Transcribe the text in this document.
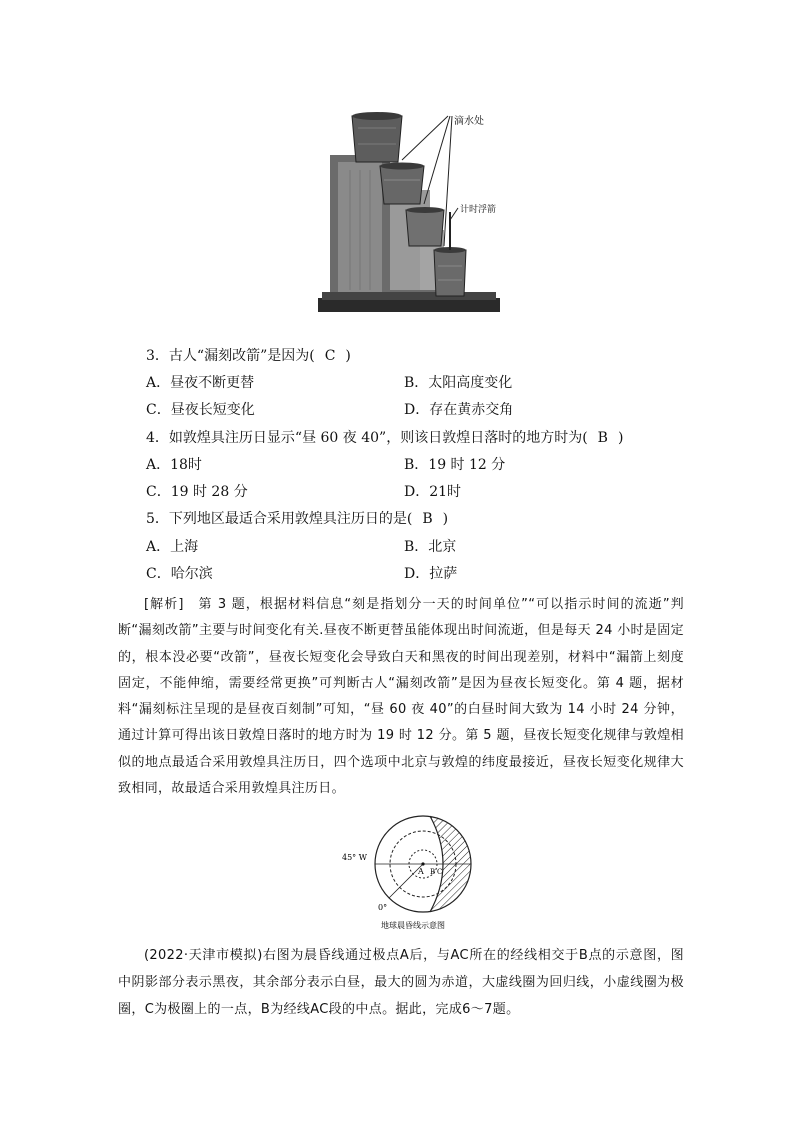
滴水处
计时浮箭
3．古人“漏刻改箭”是因为( C )
A．昼夜不断更替	B．太阳高度变化
C．昼夜长短变化	D．存在黄赤交角
4．如敦煌具注历日显示“昼 60 夜 40”，则该日敦煌日落时的地方时为( B )
A．18时	B．19 时 12 分
C．19 时 28 分	D．21时
5．下列地区最适合采用敦煌具注历日的是( B )
A．上海	B．北京
C．哈尔滨	D．拉萨
[解析]　第 3 题，根据材料信息“刻是指划分一天的时间单位”“可以指示时间的流逝”判断“漏刻改箭”主要与时间变化有关.昼夜不断更替虽能体现出时间流逝，但是每天 24 小时是固定的，根本没必要“改箭”，昼夜长短变化会导致白天和黑夜的时间出现差别，材料中“漏箭上刻度固定，不能伸缩，需要经常更换”可判断古人“漏刻改箭”是因为昼夜长短变化。第 4 题，据材料“漏刻标注呈现的是昼夜百刻制”可知，“昼 60 夜 40”的白昼时间大致为 14 小时 24 分钟，通过计算可得出该日敦煌日落时的地方时为 19 时 12 分。第 5 题，昼夜长短变化规律与敦煌相似的地点最适合采用敦煌具注历日，四个选项中北京与敦煌的纬度最接近，昼夜长短变化规律大致相同，故最适合采用敦煌具注历日。
45° W
0°
A B C
地球晨昏线示意图
(2022·天津市模拟)右图为晨昏线通过极点A后，与AC所在的经线相交于B点的示意图，图中阴影部分表示黑夜，其余部分表示白昼，最大的圆为赤道，大虚线圈为回归线，小虚线圈为极圈，C为极圈上的一点，B为经线AC段的中点。据此，完成6～7题。
